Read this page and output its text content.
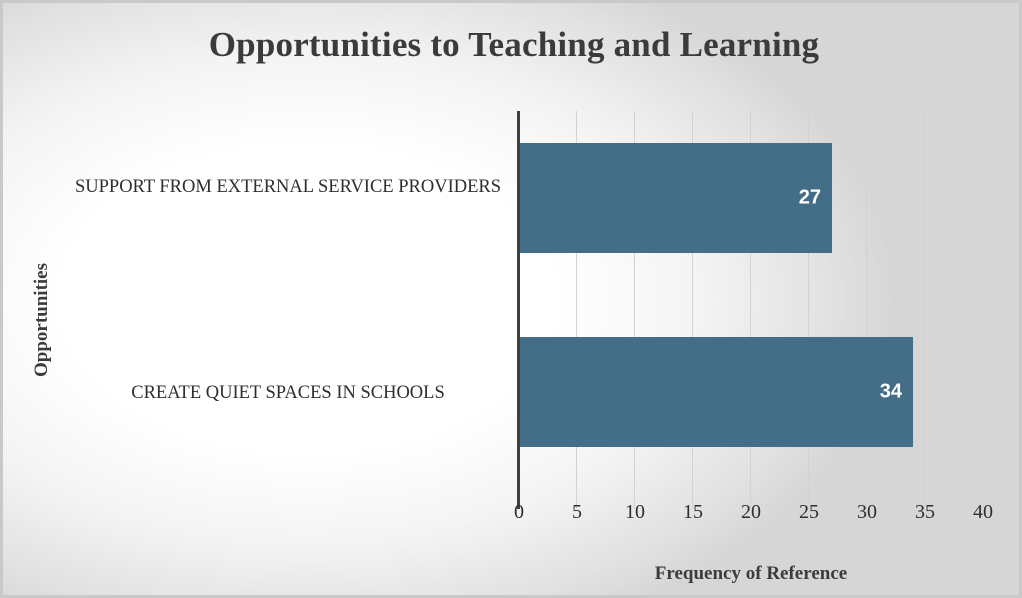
Opportunities to Teaching and Learning
27
34
SUPPORT FROM EXTERNAL SERVICE PROVIDERS
CREATE QUIET SPACES IN SCHOOLS
0	5	10	15	20	25	30	35	40
Frequency of Reference
Opportunities
